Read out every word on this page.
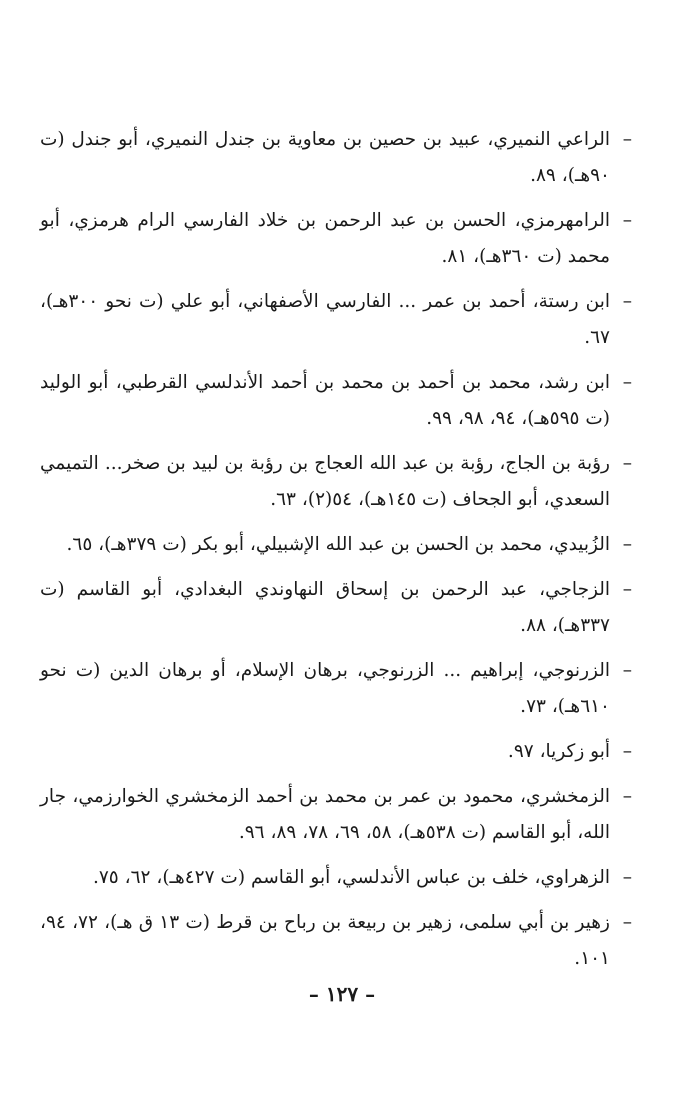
–
الراعي النميري، عبيد بن حصين بن معاوية بن جندل النميري، أبو جندل (ت ٩٠هـ)، ٨٩.
–
الرامهرمزي، الحسن بن عبد الرحمن بن خلاد الفارسي الرام هرمزي، أبو محمد (ت ٣٦٠هـ)، ٨١.
–
ابن رستة، أحمد بن عمر ... الفارسي الأصفهاني، أبو علي (ت نحو ٣٠٠هـ)، ٦٧.
–
ابن رشد، محمد بن أحمد بن محمد بن أحمد الأندلسي القرطبي، أبو الوليد (ت ٥٩٥هـ)، ٩٤، ٩٨، ٩٩.
–
رؤبة بن الجاج، رؤبة بن عبد الله العجاج بن رؤبة بن لبيد بن صخر... التميمي السعدي، أبو الجحاف (ت ١٤٥هـ)، ٥٤(٢)، ٦٣.
–
الزُبيدي، محمد بن الحسن بن عبد الله الإشبيلي، أبو بكر (ت ٣٧٩هـ)، ٦٥.
–
الزجاجي، عبد الرحمن بن إسحاق النهاوندي البغدادي، أبو القاسم (ت ٣٣٧هـ)، ٨٨.
–
الزرنوجي، إبراهيم ... الزرنوجي، برهان الإسلام، أو برهان الدين (ت نحو ٦١٠هـ)، ٧٣.
–
أبو زكريا، ٩٧.
–
الزمخشري، محمود بن عمر بن محمد بن أحمد الزمخشري الخوارزمي، جار الله، أبو القاسم (ت ٥٣٨هـ)، ٥٨، ٦٩، ٧٨، ٨٩، ٩٦.
–
الزهراوي، خلف بن عباس الأندلسي، أبو القاسم (ت ٤٢٧هـ)، ٦٢، ٧٥.
–
زهير بن أبي سلمى، زهير بن ربيعة بن رباح بن قرط (ت ١٣ ق هـ)، ٧٢، ٩٤، ١٠١.
– ١٢٧ –
